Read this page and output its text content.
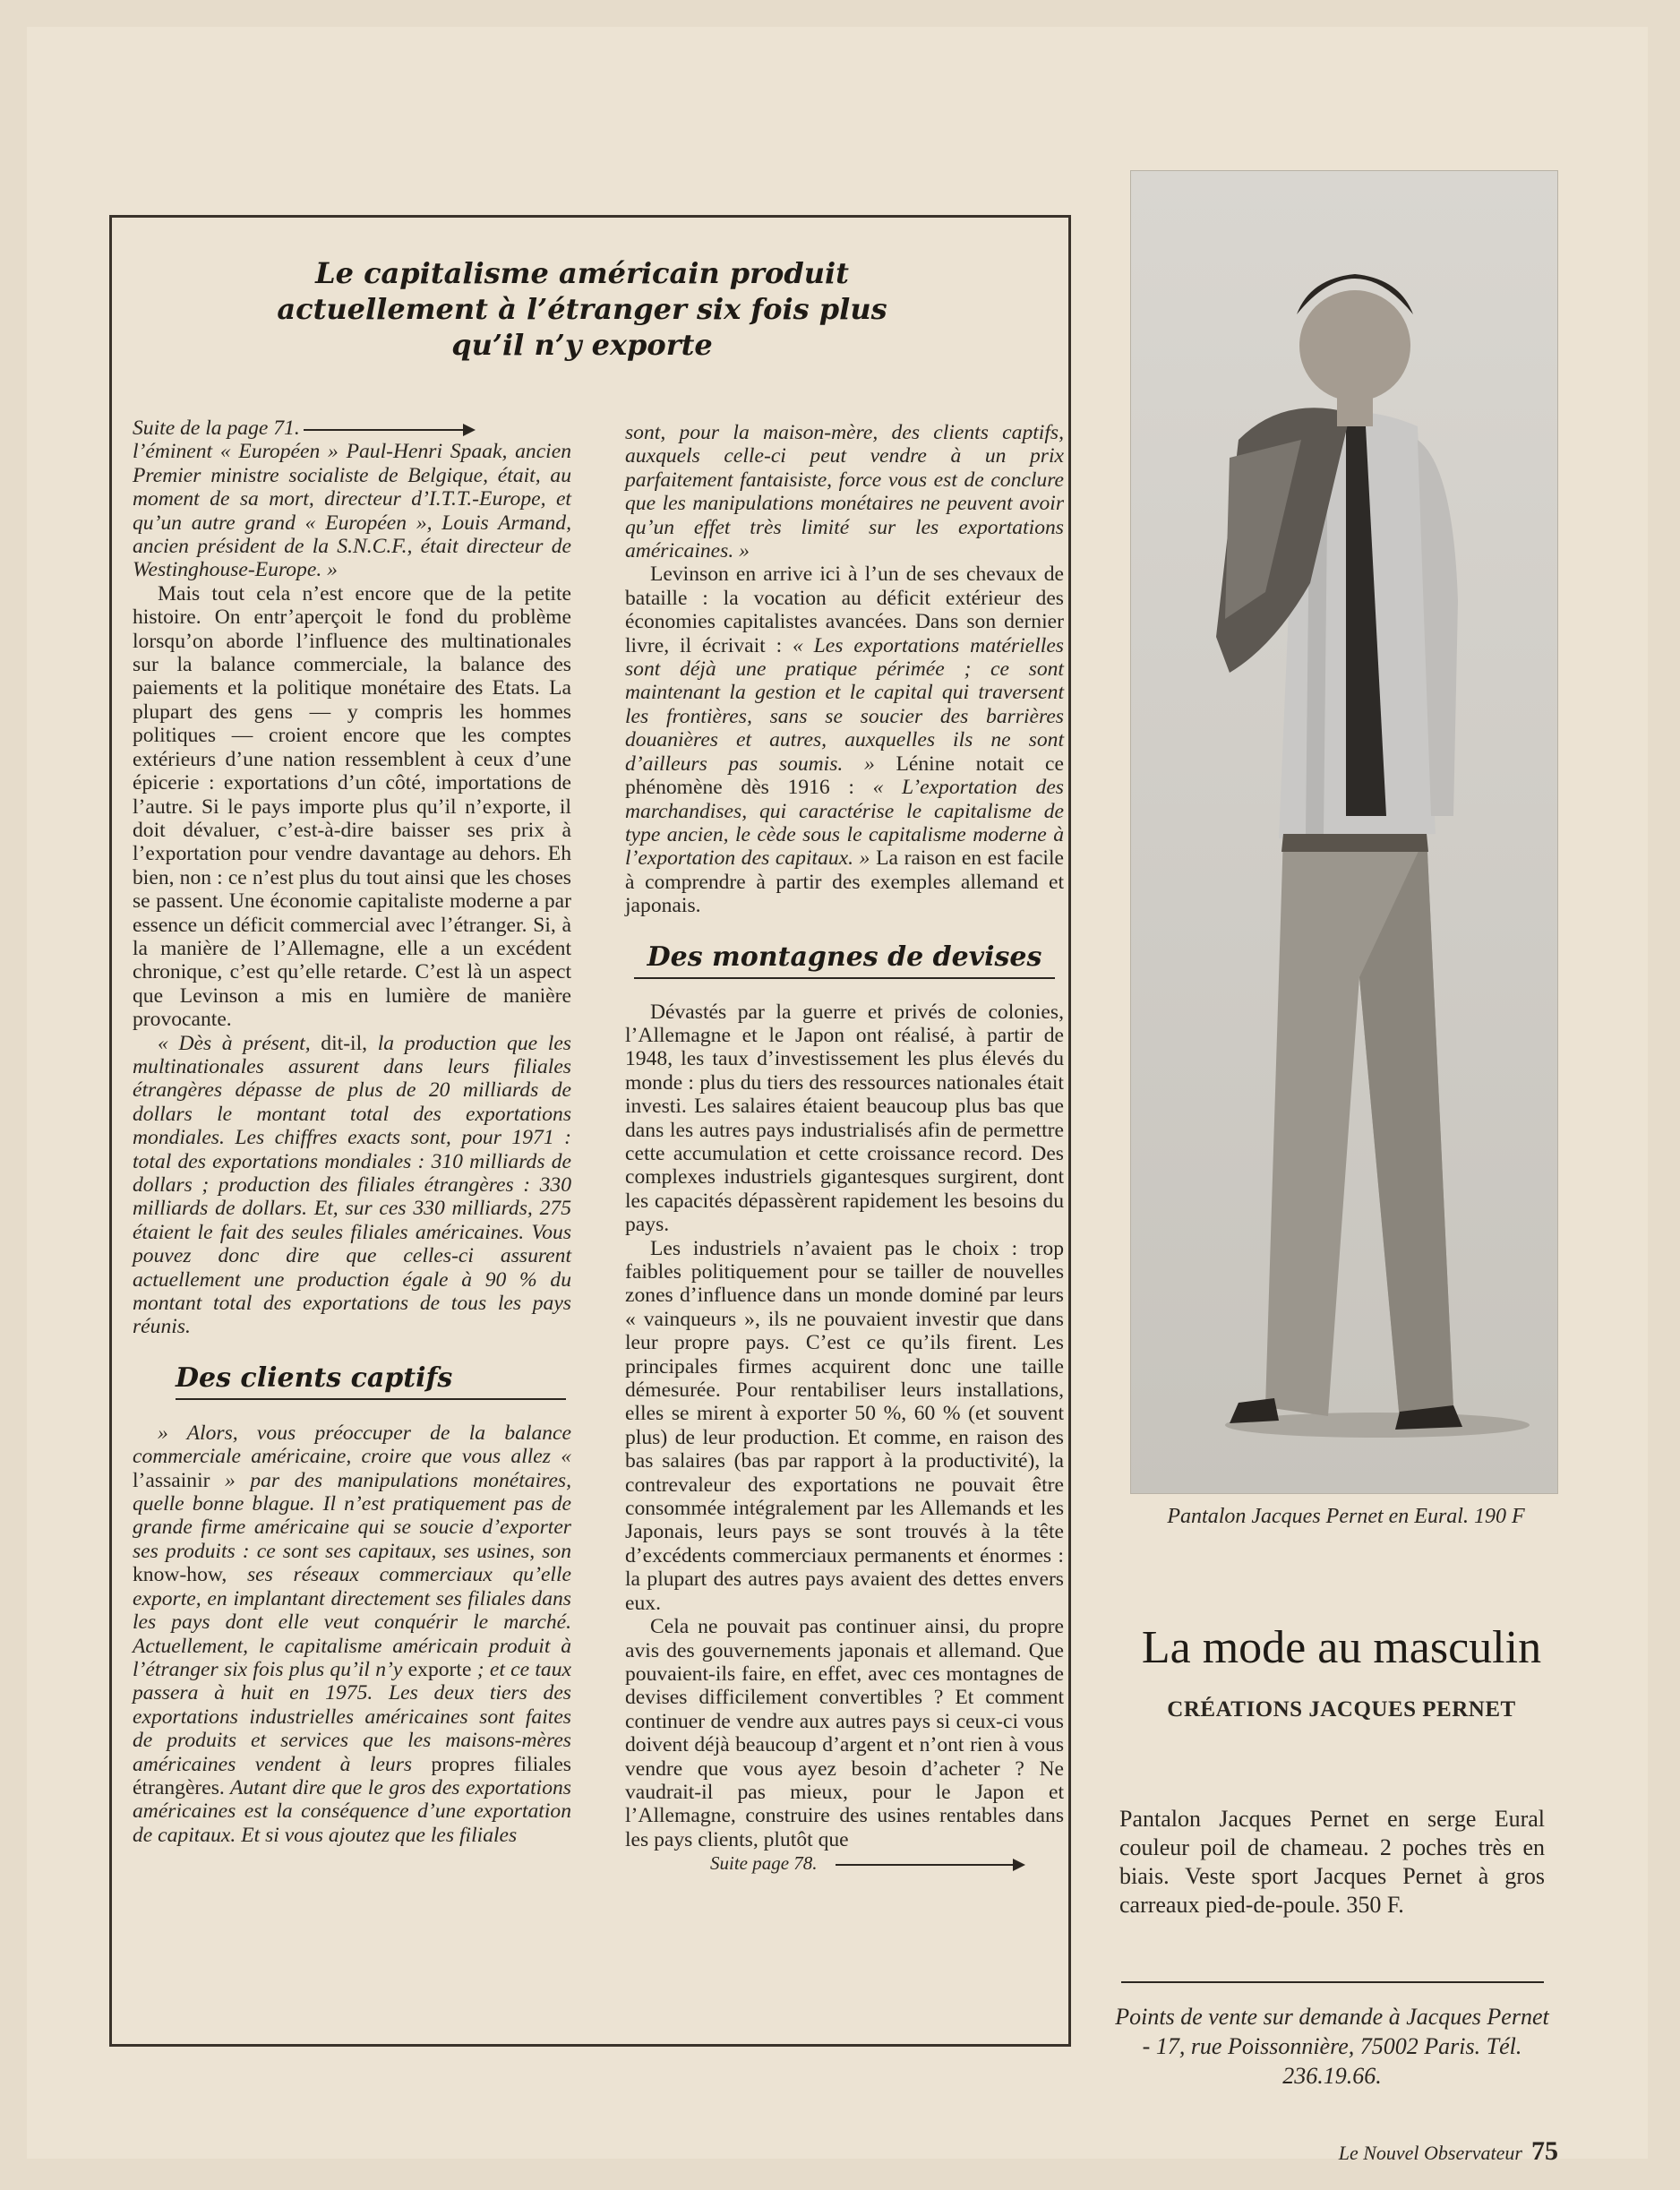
Le capitalisme américain produit actuellement à l’étranger six fois plus qu’il n’y exporte

Suite de la page 71.

l’éminent « Européen » Paul-Henri Spaak, ancien Premier ministre socialiste de Belgique, était, au moment de sa mort, directeur d’I.T.T.-Europe, et qu’un autre grand « Européen », Louis Armand, ancien président de la S.N.C.F., était directeur de Westinghouse-Europe. »

Mais tout cela n’est encore que de la petite histoire. On entr’aperçoit le fond du problème lorsqu’on aborde l’influence des multinationales sur la balance commerciale, la balance des paiements et la politique monétaire des Etats. La plupart des gens — y compris les hommes politiques — croient encore que les comptes extérieurs d’une nation ressemblent à ceux d’une épicerie : exportations d’un côté, importations de l’autre. Si le pays importe plus qu’il n’exporte, il doit dévaluer, c’est-à-dire baisser ses prix à l’exportation pour vendre davantage au dehors. Eh bien, non : ce n’est plus du tout ainsi que les choses se passent. Une économie capitaliste moderne a par essence un déficit commercial avec l’étranger. Si, à la manière de l’Allemagne, elle a un excédent chronique, c’est qu’elle retarde. C’est là un aspect que Levinson a mis en lumière de manière provocante.

« Dès à présent, dit-il, la production que les multinationales assurent dans leurs filiales étrangères dépasse de plus de 20 milliards de dollars le montant total des exportations mondiales. Les chiffres exacts sont, pour 1971 : total des exportations mondiales : 310 milliards de dollars ; production des filiales étrangères : 330 milliards de dollars. Et, sur ces 330 milliards, 275 étaient le fait des seules filiales américaines. Vous pouvez donc dire que celles-ci assurent actuellement une production égale à 90 % du montant total des exportations de tous les pays réunis.

Des clients captifs

» Alors, vous préoccuper de la balance commerciale américaine, croire que vous allez « l’assainir » par des manipulations monétaires, quelle bonne blague. Il n’est pratiquement pas de grande firme américaine qui se soucie d’exporter ses produits : ce sont ses capitaux, ses usines, son know-how, ses réseaux commerciaux qu’elle exporte, en implantant directement ses filiales dans les pays dont elle veut conquérir le marché. Actuellement, le capitalisme américain produit à l’étranger six fois plus qu’il n’y exporte ; et ce taux passera à huit en 1975. Les deux tiers des exportations industrielles américaines sont faites de produits et services que les maisons-mères américaines vendent à leurs propres filiales étrangères. Autant dire que le gros des exportations américaines est la conséquence d’une exportation de capitaux. Et si vous ajoutez que les filiales

sont, pour la maison-mère, des clients captifs, auxquels celle-ci peut vendre à un prix parfaitement fantaisiste, force vous est de conclure que les manipulations monétaires ne peuvent avoir qu’un effet très limité sur les exportations américaines. »

Levinson en arrive ici à l’un de ses chevaux de bataille : la vocation au déficit extérieur des économies capitalistes avancées. Dans son dernier livre, il écrivait : « Les exportations matérielles sont déjà une pratique périmée ; ce sont maintenant la gestion et le capital qui traversent les frontières, sans se soucier des barrières douanières et autres, auxquelles ils ne sont d’ailleurs pas soumis. » Lénine notait ce phénomène dès 1916 : « L’exportation des marchandises, qui caractérise le capitalisme de type ancien, le cède sous le capitalisme moderne à l’exportation des capitaux. » La raison en est facile à comprendre à partir des exemples allemand et japonais.

Des montagnes de devises

Dévastés par la guerre et privés de colonies, l’Allemagne et le Japon ont réalisé, à partir de 1948, les taux d’investissement les plus élevés du monde : plus du tiers des ressources nationales était investi. Les salaires étaient beaucoup plus bas que dans les autres pays industrialisés afin de permettre cette accumulation et cette croissance record. Des complexes industriels gigantesques surgirent, dont les capacités dépassèrent rapidement les besoins du pays.

Les industriels n’avaient pas le choix : trop faibles politiquement pour se tailler de nouvelles zones d’influence dans un monde dominé par leurs « vainqueurs », ils ne pouvaient investir que dans leur propre pays. C’est ce qu’ils firent. Les principales firmes acquirent donc une taille démesurée. Pour rentabiliser leurs installations, elles se mirent à exporter 50 %, 60 % (et souvent plus) de leur production. Et comme, en raison des bas salaires (bas par rapport à la productivité), la contrevaleur des exportations ne pouvait être consommée intégralement par les Allemands et les Japonais, leurs pays se sont trouvés à la tête d’excédents commerciaux permanents et énormes : la plupart des autres pays avaient des dettes envers eux.

Cela ne pouvait pas continuer ainsi, du propre avis des gouvernements japonais et allemand. Que pouvaient-ils faire, en effet, avec ces montagnes de devises difficilement convertibles ? Et comment continuer de vendre aux autres pays si ceux-ci vous doivent déjà beaucoup d’argent et n’ont rien à vous vendre que vous ayez besoin d’acheter ? Ne vaudrait-il pas mieux, pour le Japon et l’Allemagne, construire des usines rentables dans les pays clients, plutôt que

Suite page 78.

Pantalon Jacques Pernet en Eural. 190 F
La mode au masculin
CRÉATIONS JACQUES PERNET

Pantalon Jacques Pernet en serge Eural couleur poil de chameau. 2 poches très en biais. Veste sport Jacques Pernet à gros carreaux pied-de-poule. 350 F.

Points de vente sur demande à Jacques Pernet - 17, rue Poissonnière, 75002 Paris. Tél. 236.19.66.

Le Nouvel Observateur 75
